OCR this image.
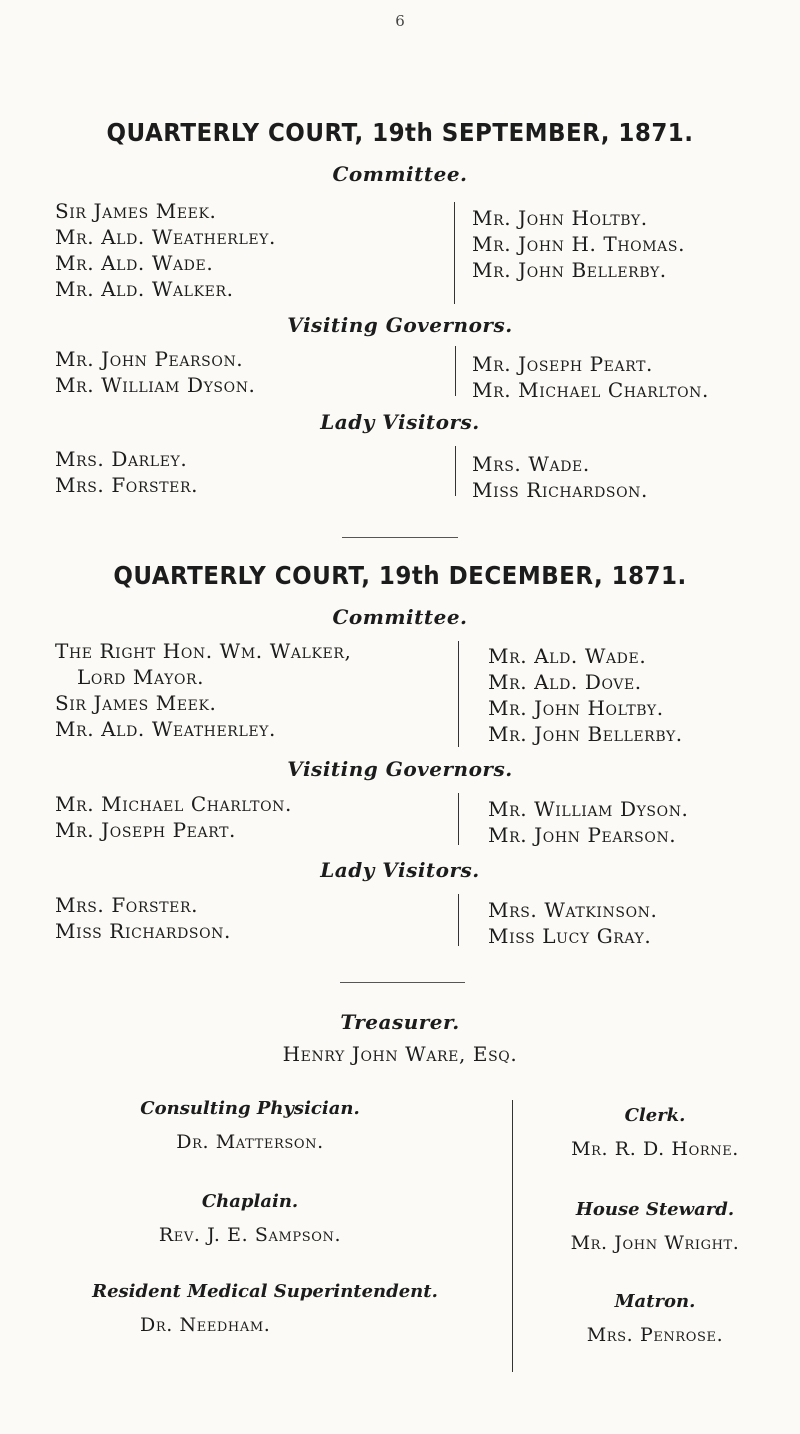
6
QUARTERLY COURT, 19th SEPTEMBER, 1871.
Committee.
Sir James Meek.
Mr. Ald. Weatherley.
Mr. Ald. Wade.
Mr. Ald. Walker.
Mr. John Holtby.
Mr. John H. Thomas.
Mr. John Bellerby.
Visiting Governors.
Mr. John Pearson.
Mr. William Dyson.
Mr. Joseph Peart.
Mr. Michael Charlton.
Lady Visitors.
Mrs. Darley.
Mrs. Forster.
Mrs. Wade.
Miss Richardson.
QUARTERLY COURT, 19th DECEMBER, 1871.
Committee.
The Right Hon. Wm. Walker,
Lord Mayor.
Sir James Meek.
Mr. Ald. Weatherley.
Mr. Ald. Wade.
Mr. Ald. Dove.
Mr. John Holtby.
Mr. John Bellerby.
Visiting Governors.
Mr. Michael Charlton.
Mr. Joseph Peart.
Mr. William Dyson.
Mr. John Pearson.
Lady Visitors.
Mrs. Forster.
Miss Richardson.
Mrs. Watkinson.
Miss Lucy Gray.
Treasurer.
Henry John Ware, Esq.
Consulting Physician.
Dr. Matterson.
Chaplain.
Rev. J. E. Sampson.
Resident Medical Superintendent.
Dr. Needham.
Clerk.
Mr. R. D. Horne.
House Steward.
Mr. John Wright.
Matron.
Mrs. Penrose.
